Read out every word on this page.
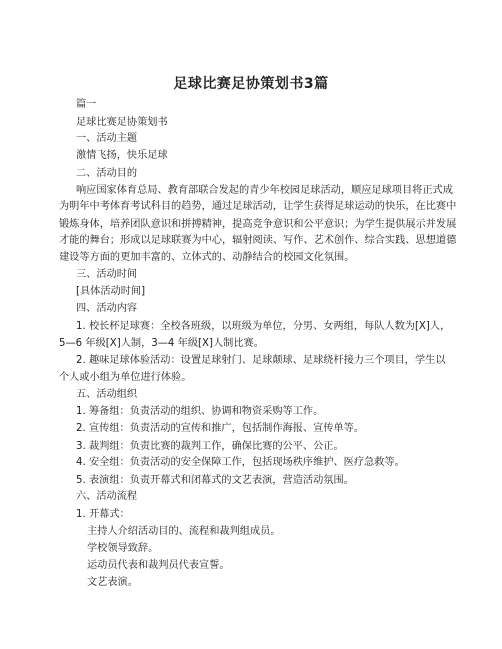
足球比赛足协策划书3篇
篇一
足球比赛足协策划书
一、活动主题
激情飞扬，快乐足球
二、活动目的
响应国家体育总局、教育部联合发起的青少年校园足球活动，顺应足球项目将正式成
为明年中考体育考试科目的趋势，通过足球活动，让学生获得足球运动的快乐，在比赛中
锻炼身体，培养团队意识和拼搏精神，提高竞争意识和公平意识；为学生提供展示并发展
才能的舞台；形成以足球联赛为中心，辐射阅读、写作、艺术创作、综合实践、思想道德
建设等方面的更加丰富的、立体式的、动静结合的校园文化氛围。
三、活动时间
[具体活动时间]
四、活动内容
1. 校长杯足球赛：全校各班级，以班级为单位，分男、女两组，每队人数为[X]人，
5—6 年级[X]人制，3—4 年级[X]人制比赛。
2. 趣味足球体验活动：设置足球射门、足球颠球、足球绕杆接力三个项目，学生以
个人或小组为单位进行体验。
五、活动组织
1. 筹备组：负责活动的组织、协调和物资采购等工作。
2. 宣传组：负责活动的宣传和推广，包括制作海报、宣传单等。
3. 裁判组：负责比赛的裁判工作，确保比赛的公平、公正。
4. 安全组：负责活动的安全保障工作，包括现场秩序维护、医疗急救等。
5. 表演组：负责开幕式和闭幕式的文艺表演，营造活动氛围。
六、活动流程
1. 开幕式：
主持人介绍活动目的、流程和裁判组成员。
学校领导致辞。
运动员代表和裁判员代表宣誓。
文艺表演。
